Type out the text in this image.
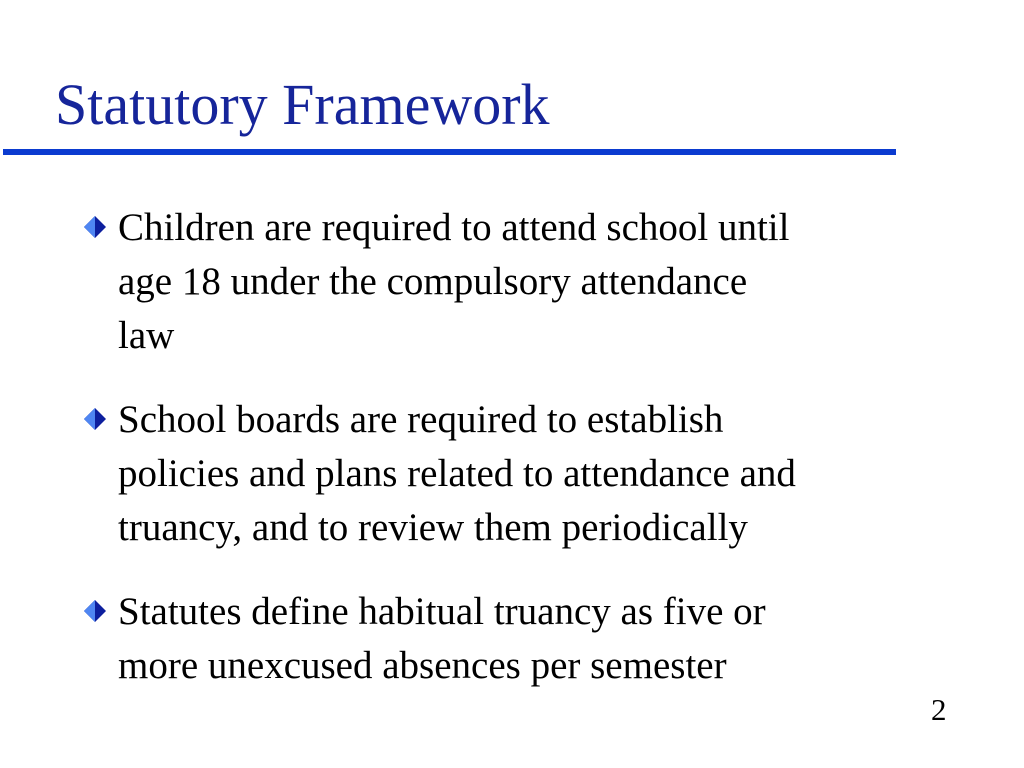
Statutory Framework
Children are required to attend school until
age 18 under the compulsory attendance
law
School boards are required to establish
policies and plans related to attendance and
truancy, and to review them periodically
Statutes define habitual truancy as five or
more unexcused absences per semester
2
